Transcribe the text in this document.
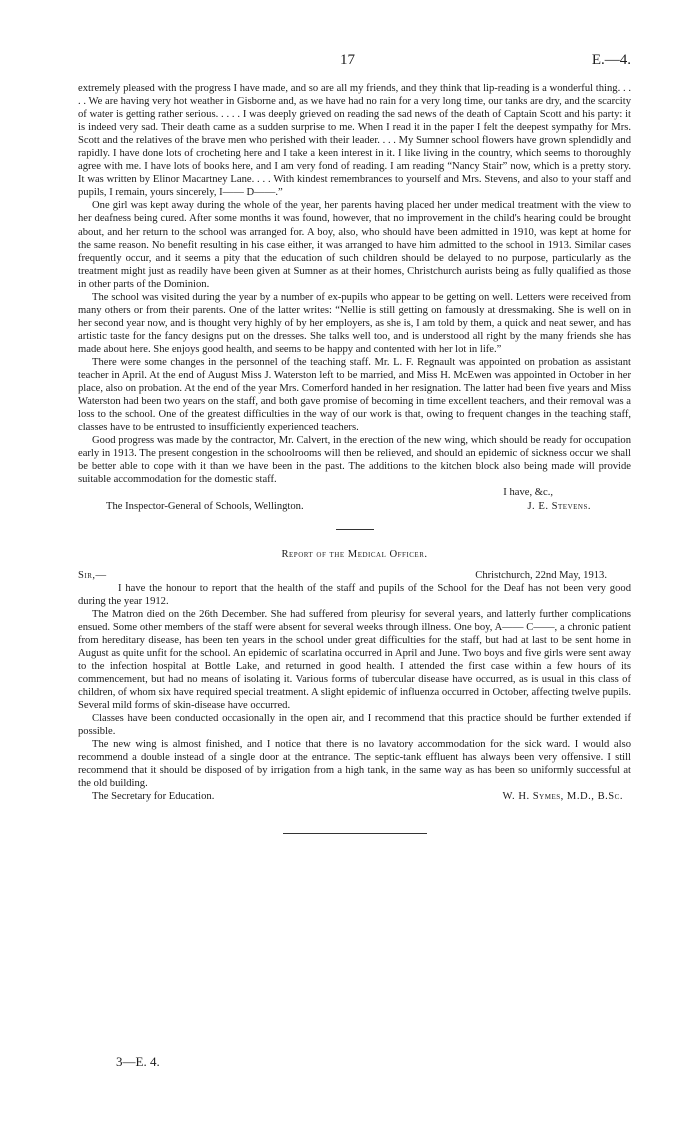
17	E.—4.

extremely pleased with the progress I have made, and so are all my friends, and they think that lip-reading is a wonderful thing. . . . . We are having very hot weather in Gisborne and, as we have had no rain for a very long time, our tanks are dry, and the scarcity of water is getting rather serious. . . . . I was deeply grieved on reading the sad news of the death of Captain Scott and his party: it is indeed very sad. Their death came as a sudden surprise to me. When I read it in the paper I felt the deepest sympathy for Mrs. Scott and the relatives of the brave men who perished with their leader. . . . My Sumner school flowers have grown splendidly and rapidly. I have done lots of crocheting here and I take a keen interest in it. I like living in the country, which seems to thoroughly agree with me. I have lots of books here, and I am very fond of reading. I am reading “Nancy Stair” now, which is a pretty story. It was written by Elinor Macartney Lane. . . . With kindest remembrances to yourself and Mrs. Stevens, and also to your staff and pupils, I remain, yours sincerely, I—— D——.”

One girl was kept away during the whole of the year, her parents having placed her under medical treatment with the view to her deafness being cured. After some months it was found, however, that no improvement in the child's hearing could be brought about, and her return to the school was arranged for. A boy, also, who should have been admitted in 1910, was kept at home for the same reason. No benefit resulting in his case either, it was arranged to have him admitted to the school in 1913. Similar cases frequently occur, and it seems a pity that the education of such children should be delayed to no purpose, particularly as the treatment might just as readily have been given at Sumner as at their homes, Christchurch aurists being as fully qualified as those in other parts of the Dominion.

The school was visited during the year by a number of ex-pupils who appear to be getting on well. Letters were received from many others or from their parents. One of the latter writes: “Nellie is still getting on famously at dressmaking. She is well on in her second year now, and is thought very highly of by her employers, as she is, I am told by them, a quick and neat sewer, and has artistic taste for the fancy designs put on the dresses. She talks well too, and is understood all right by the many friends she has made about here. She enjoys good health, and seems to be happy and contented with her lot in life.”

There were some changes in the personnel of the teaching staff. Mr. L. F. Regnault was appointed on probation as assistant teacher in April. At the end of August Miss J. Waterston left to be married, and Miss H. McEwen was appointed in October in her place, also on probation. At the end of the year Mrs. Comerford handed in her resignation. The latter had been five years and Miss Waterston had been two years on the staff, and both gave promise of becoming in time excellent teachers, and their removal was a loss to the school. One of the greatest difficulties in the way of our work is that, owing to frequent changes in the teaching staff, classes have to be entrusted to insufficiently experienced teachers.

Good progress was made by the contractor, Mr. Calvert, in the erection of the new wing, which should be ready for occupation early in 1913. The present congestion in the schoolrooms will then be relieved, and should an epidemic of sickness occur we shall be better able to cope with it than we have been in the past. The additions to the kitchen block also being made will provide suitable accommodation for the domestic staff.

I have, &c.,
The Inspector-General of Schools, Wellington.	J. E. Stevens.
Report of the Medical Officer.
Sir,—	Christchurch, 22nd May, 1913.

I have the honour to report that the health of the staff and pupils of the School for the Deaf has not been very good during the year 1912.

The Matron died on the 26th December. She had suffered from pleurisy for several years, and latterly further complications ensued. Some other members of the staff were absent for several weeks through illness. One boy, A—— C——, a chronic patient from hereditary disease, has been ten years in the school under great difficulties for the staff, but had at last to be sent home in August as quite unfit for the school. An epidemic of scarlatina occurred in April and June. Two boys and five girls were sent away to the infection hospital at Bottle Lake, and returned in good health. I attended the first case within a few hours of its commencement, but had no means of isolating it. Various forms of tubercular disease have occurred, as is usual in this class of children, of whom six have required special treatment. A slight epidemic of influenza occurred in October, affecting twelve pupils. Several mild forms of skin-disease have occurred.

Classes have been conducted occasionally in the open air, and I recommend that this practice should be further extended if possible.

The new wing is almost finished, and I notice that there is no lavatory accommodation for the sick ward. I would also recommend a double instead of a single door at the entrance. The septic-tank effluent has always been very offensive. I still recommend that it should be disposed of by irrigation from a high tank, in the same way as has been so uniformly successful at the old building.

The Secretary for Education.	W. H. Symes, M.D., B.Sc.
3—E. 4.
